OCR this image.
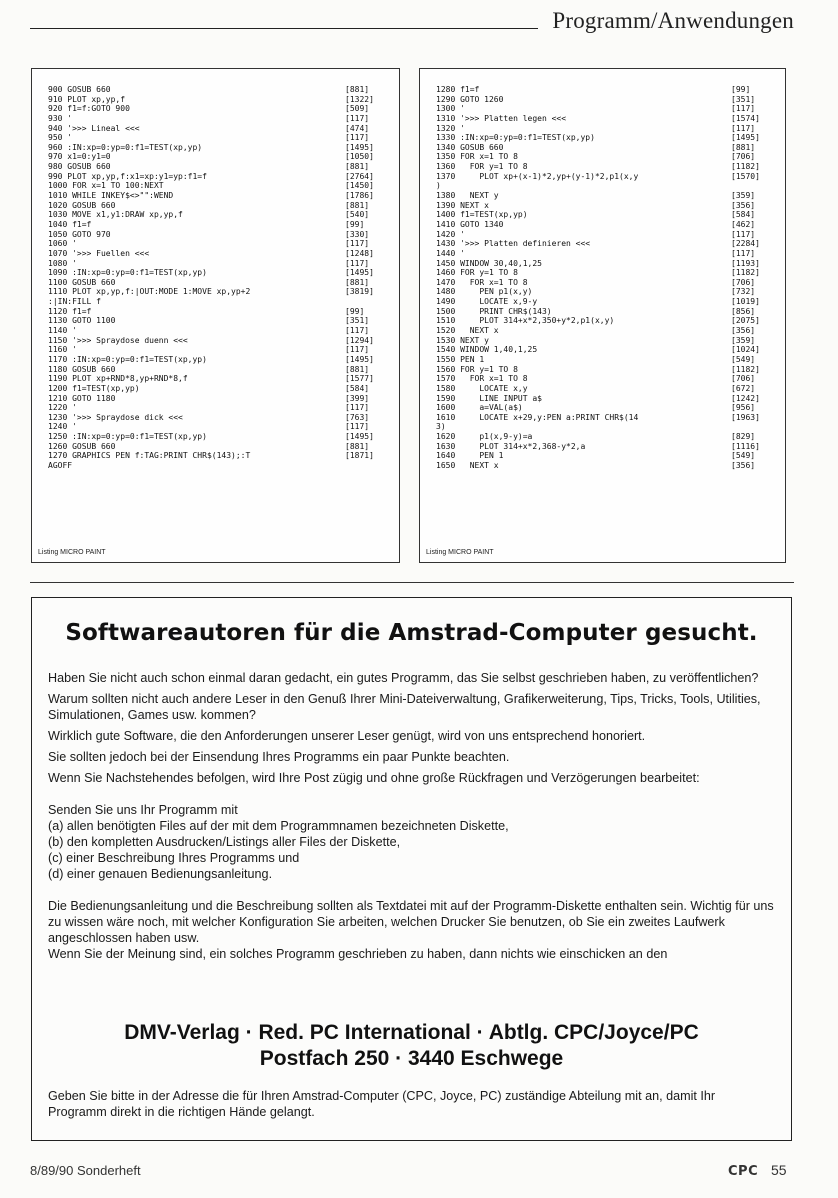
Programm/Anwendungen
900 GOSUB 660	[881]
910 PLOT xp,yp,f	[1322]
920 f1=f:GOTO 900	[509]
930 '	[117]
940 '>>> Lineal <<<	[474]
950 '	[117]
960 :IN:xp=0:yp=0:f1=TEST(xp,yp)	[1495]
970 x1=0:y1=0	[1050]
980 GOSUB 660	[881]
990 PLOT xp,yp,f:x1=xp:y1=yp:f1=f	[2764]
1000 FOR x=1 TO 100:NEXT	[1450]
1010 WHILE INKEY$<>"":WEND	[1786]
1020 GOSUB 660	[881]
1030 MOVE x1,y1:DRAW xp,yp,f	[540]
1040 f1=f	[99]
1050 GOTO 970	[330]
1060 '	[117]
1070 '>>> Fuellen <<<	[1248]
1080 '	[117]
1090 :IN:xp=0:yp=0:f1=TEST(xp,yp)	[1495]
1100 GOSUB 660	[881]
1110 PLOT xp,yp,f:|OUT:MODE 1:MOVE xp,yp+2	[3819]
:|IN:FILL f
1120 f1=f	[99]
1130 GOTO 1100	[351]
1140 '	[117]
1150 '>>> Spraydose duenn <<<	[1294]
1160 '	[117]
1170 :IN:xp=0:yp=0:f1=TEST(xp,yp)	[1495]
1180 GOSUB 660	[881]
1190 PLOT xp+RND*8,yp+RND*8,f	[1577]
1200 f1=TEST(xp,yp)	[584]
1210 GOTO 1180	[399]
1220 '	[117]
1230 '>>> Spraydose dick <<<	[763]
1240 '	[117]
1250 :IN:xp=0:yp=0:f1=TEST(xp,yp)	[1495]
1260 GOSUB 660	[881]
1270 GRAPHICS PEN f:TAG:PRINT CHR$(143);:T	[1871]
AGOFF
Listing MICRO PAINT
1280 f1=f	[99]
1290 GOTO 1260	[351]
1300 '	[117]
1310 '>>> Platten legen <<<	[1574]
1320 '	[117]
1330 :IN:xp=0:yp=0:f1=TEST(xp,yp)	[1495]
1340 GOSUB 660	[881]
1350 FOR x=1 TO 8	[706]
1360   FOR y=1 TO 8	[1182]
1370     PLOT xp+(x-1)*2,yp+(y-1)*2,p1(x,y	[1570]
)
1380   NEXT y	[359]
1390 NEXT x	[356]
1400 f1=TEST(xp,yp)	[584]
1410 GOTO 1340	[462]
1420 '	[117]
1430 '>>> Platten definieren <<<	[2284]
1440 '	[117]
1450 WINDOW 30,40,1,25	[1193]
1460 FOR y=1 TO 8	[1182]
1470   FOR x=1 TO 8	[706]
1480     PEN p1(x,y)	[732]
1490     LOCATE x,9-y	[1019]
1500     PRINT CHR$(143)	[856]
1510     PLOT 314+x*2,350+y*2,p1(x,y)	[2075]
1520   NEXT x	[356]
1530 NEXT y	[359]
1540 WINDOW 1,40,1,25	[1024]
1550 PEN 1	[549]
1560 FOR y=1 TO 8	[1182]
1570   FOR x=1 TO 8	[706]
1580     LOCATE x,y	[672]
1590     LINE INPUT a$	[1242]
1600     a=VAL(a$)	[956]
1610     LOCATE x+29,y:PEN a:PRINT CHR$(14	[1963]
3)
1620     p1(x,9-y)=a	[829]
1630     PLOT 314+x*2,368-y*2,a	[1116]
1640     PEN 1	[549]
1650   NEXT x	[356]
Listing MICRO PAINT
Softwareautoren für die Amstrad-Computer gesucht.

Haben Sie nicht auch schon einmal daran gedacht, ein gutes Programm, das Sie selbst geschrieben haben, zu veröffentlichen?

Warum sollten nicht auch andere Leser in den Genuß Ihrer Mini-Dateiverwaltung, Grafikerweiterung, Tips, Tricks, Tools, Utilities, Simulationen, Games usw. kommen?

Wirklich gute Software, die den Anforderungen unserer Leser genügt, wird von uns entsprechend honoriert.

Sie sollten jedoch bei der Einsendung Ihres Programms ein paar Punkte beachten.

Wenn Sie Nachstehendes befolgen, wird Ihre Post zügig und ohne große Rückfragen und Verzögerungen bearbeitet:

Senden Sie uns Ihr Programm mit
(a) allen benötigten Files auf der mit dem Programmnamen bezeichneten Diskette,
(b) den kompletten Ausdrucken/Listings aller Files der Diskette,
(c) einer Beschreibung Ihres Programms und
(d) einer genauen Bedienungsanleitung.

Die Bedienungsanleitung und die Beschreibung sollten als Textdatei mit auf der Programm-Diskette enthalten sein. Wichtig für uns zu wissen wäre noch, mit welcher Konfiguration Sie arbeiten, welchen Drucker Sie benutzen, ob Sie ein zweites Laufwerk angeschlossen haben usw.
Wenn Sie der Meinung sind, ein solches Programm geschrieben zu haben, dann nichts wie einschicken an den

DMV-Verlag · Red. PC International · Abtlg. CPC/Joyce/PC
Postfach 250 · 3440 Eschwege
Geben Sie bitte in der Adresse die für Ihren Amstrad-Computer (CPC, Joyce, PC) zuständige Abteilung mit an, damit Ihr Programm direkt in die richtigen Hände gelangt.
8/89/90 Sonderheft	CPC 55
